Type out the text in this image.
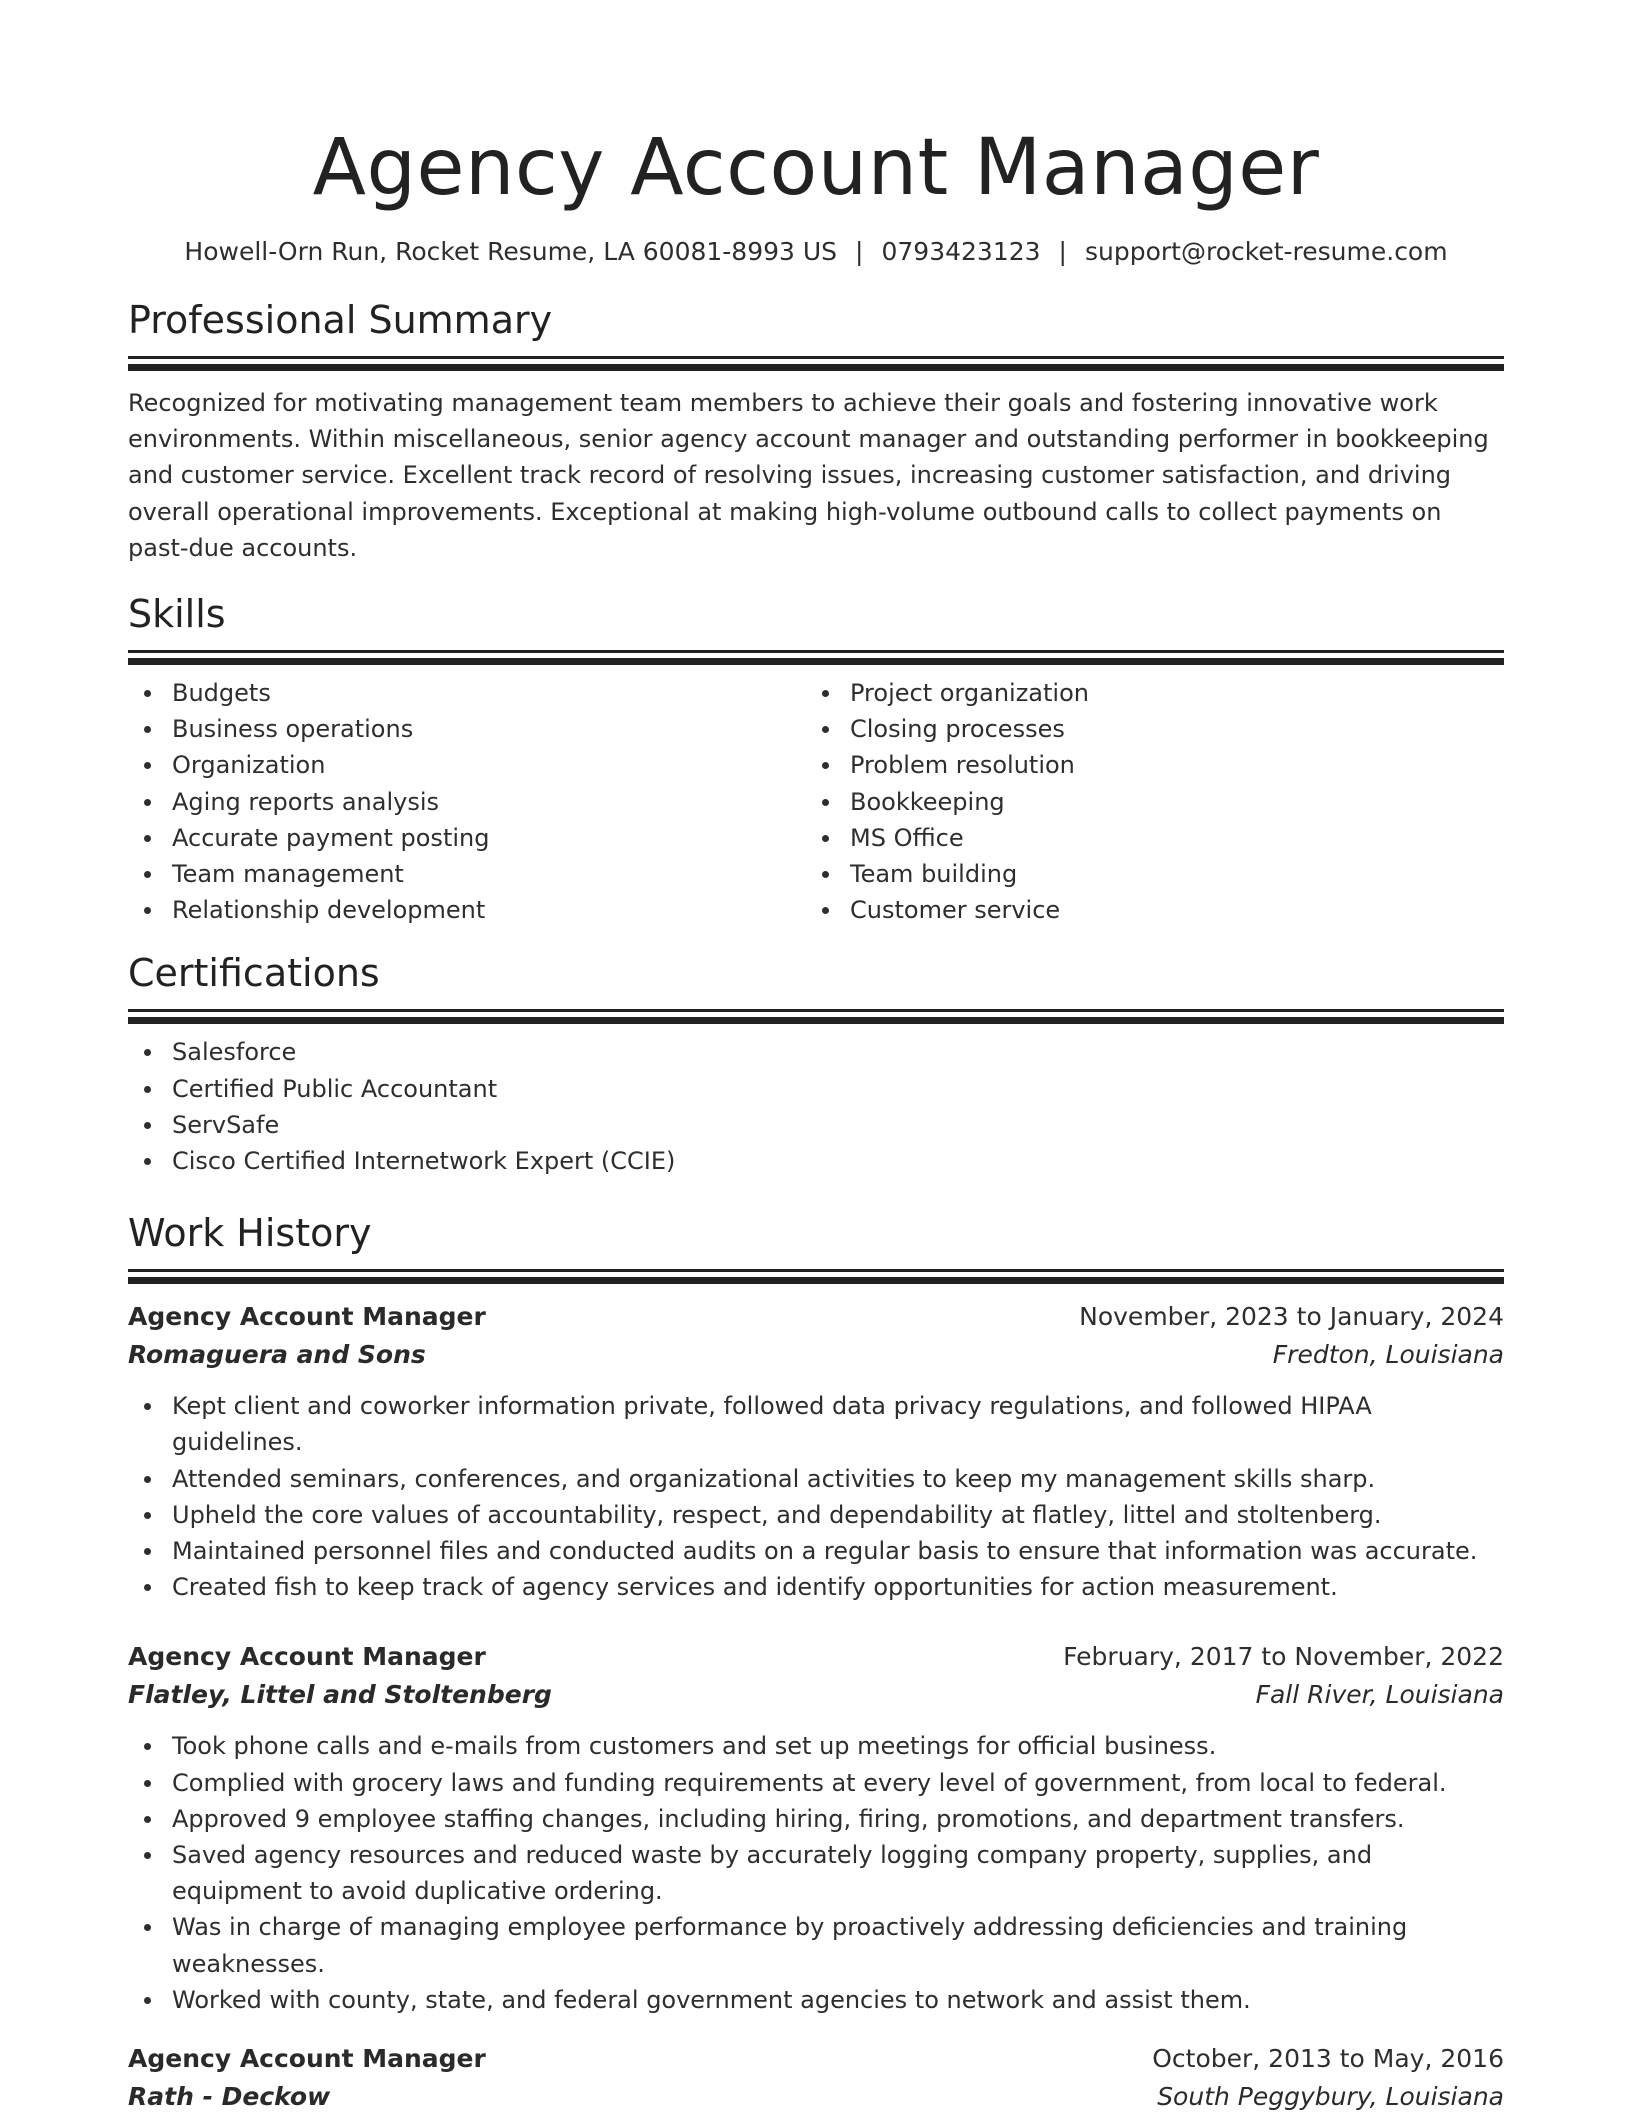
Agency Account Manager
Howell-Orn Run, Rocket Resume, LA 60081-8993 US | 0793423123 | support@rocket-resume.com
Professional Summary

Recognized for motivating management team members to achieve their goals and fostering innovative work environments. Within miscellaneous, senior agency account manager and outstanding performer in bookkeeping and customer service. Excellent track record of resolving issues, increasing customer satisfaction, and driving overall operational improvements. Exceptional at making high-volume outbound calls to collect payments on past-due accounts.

Skills
Budgets
Business operations
Organization
Aging reports analysis
Accurate payment posting
Team management
Relationship development
Project organization
Closing processes
Problem resolution
Bookkeeping
MS Office
Team building
Customer service
Certifications
Salesforce
Certified Public Accountant
ServSafe
Cisco Certified Internetwork Expert (CCIE)
Work History
Agency Account Manager	November, 2023 to January, 2024
Romaguera and Sons	Fredton, Louisiana
Kept client and coworker information private, followed data privacy regulations, and followed HIPAA guidelines.
Attended seminars, conferences, and organizational activities to keep my management skills sharp.
Upheld the core values of accountability, respect, and dependability at flatley, littel and stoltenberg.
Maintained personnel files and conducted audits on a regular basis to ensure that information was accurate.
Created fish to keep track of agency services and identify opportunities for action measurement.
Agency Account Manager	February, 2017 to November, 2022
Flatley, Littel and Stoltenberg	Fall River, Louisiana
Took phone calls and e-mails from customers and set up meetings for official business.
Complied with grocery laws and funding requirements at every level of government, from local to federal.
Approved 9 employee staffing changes, including hiring, firing, promotions, and department transfers.
Saved agency resources and reduced waste by accurately logging company property, supplies, and equipment to avoid duplicative ordering.
Was in charge of managing employee performance by proactively addressing deficiencies and training weaknesses.
Worked with county, state, and federal government agencies to network and assist them.
Agency Account Manager	October, 2013 to May, 2016
Rath - Deckow	South Peggybury, Louisiana
